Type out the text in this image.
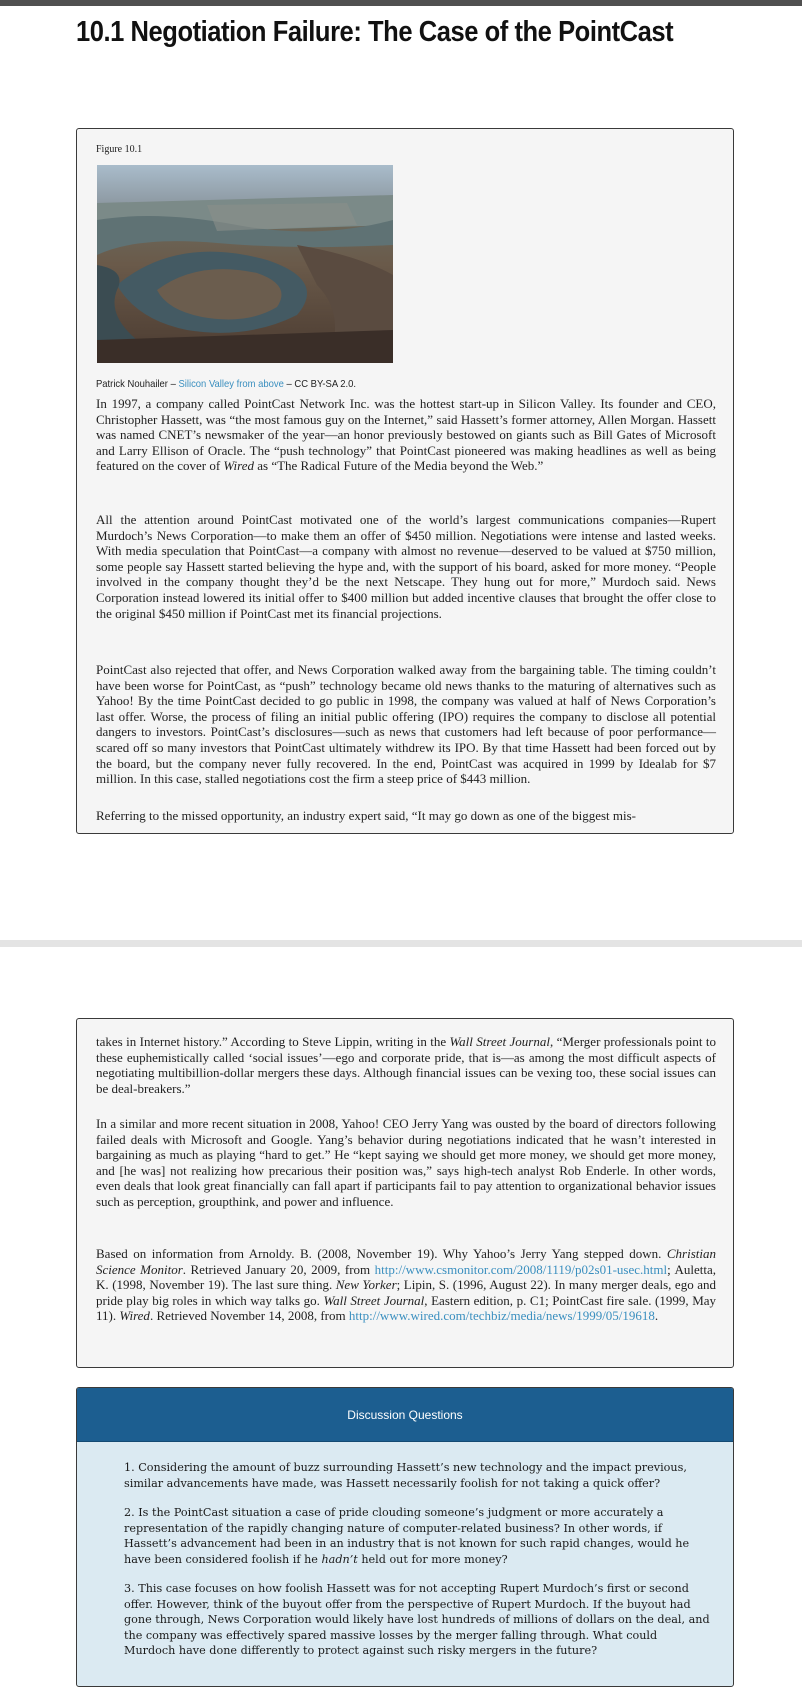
10.1 Negotiation Failure: The Case of the PointCast
Figure 10.1
Patrick Nouhailer – Silicon Valley from above – CC BY-SA 2.0.

In 1997, a company called PointCast Network Inc. was the hottest start-up in Silicon Valley. Its founder and CEO, Christopher Hassett, was “the most famous guy on the Internet,” said Hassett’s former attorney, Allen Morgan. Hassett was named CNET’s newsmaker of the year—an honor previously bestowed on giants such as Bill Gates of Microsoft and Larry Ellison of Oracle. The “push technology” that PointCast pioneered was making headlines as well as being featured on the cover of Wired as “The Radical Future of the Media beyond the Web.”

All the attention around PointCast motivated one of the world’s largest communications companies—Rupert Murdoch’s News Corporation—to make them an offer of $450 million. Negotiations were intense and lasted weeks. With media speculation that PointCast—a company with almost no revenue—deserved to be valued at $750 million, some people say Hassett started believing the hype and, with the support of his board, asked for more money. “People involved in the company thought they’d be the next Netscape. They hung out for more,” Murdoch said. News Corporation instead lowered its initial offer to $400 million but added incentive clauses that brought the offer close to the original $450 million if PointCast met its financial projections.

PointCast also rejected that offer, and News Corporation walked away from the bargaining table. The timing couldn’t have been worse for PointCast, as “push” technology became old news thanks to the maturing of alternatives such as Yahoo! By the time PointCast decided to go public in 1998, the company was valued at half of News Corporation’s last offer. Worse, the process of filing an initial public offering (IPO) requires the company to disclose all potential dangers to investors. PointCast’s disclosures—such as news that customers had left because of poor performance—scared off so many investors that PointCast ultimately withdrew its IPO. By that time Hassett had been forced out by the board, but the company never fully recovered. In the end, PointCast was acquired in 1999 by Idealab for $7 million. In this case, stalled negotiations cost the firm a steep price of $443 million.

Referring to the missed opportunity, an industry expert said, “It may go down as one of the biggest mis-

takes in Internet history.” According to Steve Lippin, writing in the Wall Street Journal, “Merger professionals point to these euphemistically called ‘social issues’—ego and corporate pride, that is—as among the most difficult aspects of negotiating multibillion-dollar mergers these days. Although financial issues can be vexing too, these social issues can be deal-breakers.”

In a similar and more recent situation in 2008, Yahoo! CEO Jerry Yang was ousted by the board of directors following failed deals with Microsoft and Google. Yang’s behavior during negotiations indicated that he wasn’t interested in bargaining as much as playing “hard to get.” He “kept saying we should get more money, we should get more money, and [he was] not realizing how precarious their position was,” says high-tech analyst Rob Enderle. In other words, even deals that look great financially can fall apart if participants fail to pay attention to organizational behavior issues such as perception, groupthink, and power and influence.

Based on information from Arnoldy. B. (2008, November 19). Why Yahoo’s Jerry Yang stepped down. Christian Science Monitor. Retrieved January 20, 2009, from http://www.csmonitor.com/2008/1119/p02s01-usec.html; Auletta, K. (1998, November 19). The last sure thing. New Yorker; Lipin, S. (1996, August 22). In many merger deals, ego and pride play big roles in which way talks go. Wall Street Journal, Eastern edition, p. C1; PointCast fire sale. (1999, May 11). Wired. Retrieved November 14, 2008, from http://www.wired.com/techbiz/media/news/1999/05/19618.

Discussion Questions

1. Considering the amount of buzz surrounding Hassett’s new technology and the impact previous, similar advancements have made, was Hassett necessarily foolish for not taking a quick offer?

2. Is the PointCast situation a case of pride clouding someone’s judgment or more accurately a representation of the rapidly changing nature of computer-related business? In other words, if Hassett’s advancement had been in an industry that is not known for such rapid changes, would he have been considered foolish if he hadn’t held out for more money?

3. This case focuses on how foolish Hassett was for not accepting Rupert Murdoch’s first or second offer. However, think of the buyout offer from the perspective of Rupert Murdoch. If the buyout had gone through, News Corporation would likely have lost hundreds of millions of dollars on the deal, and the company was effectively spared massive losses by the merger falling through. What could Murdoch have done differently to protect against such risky mergers in the future?
